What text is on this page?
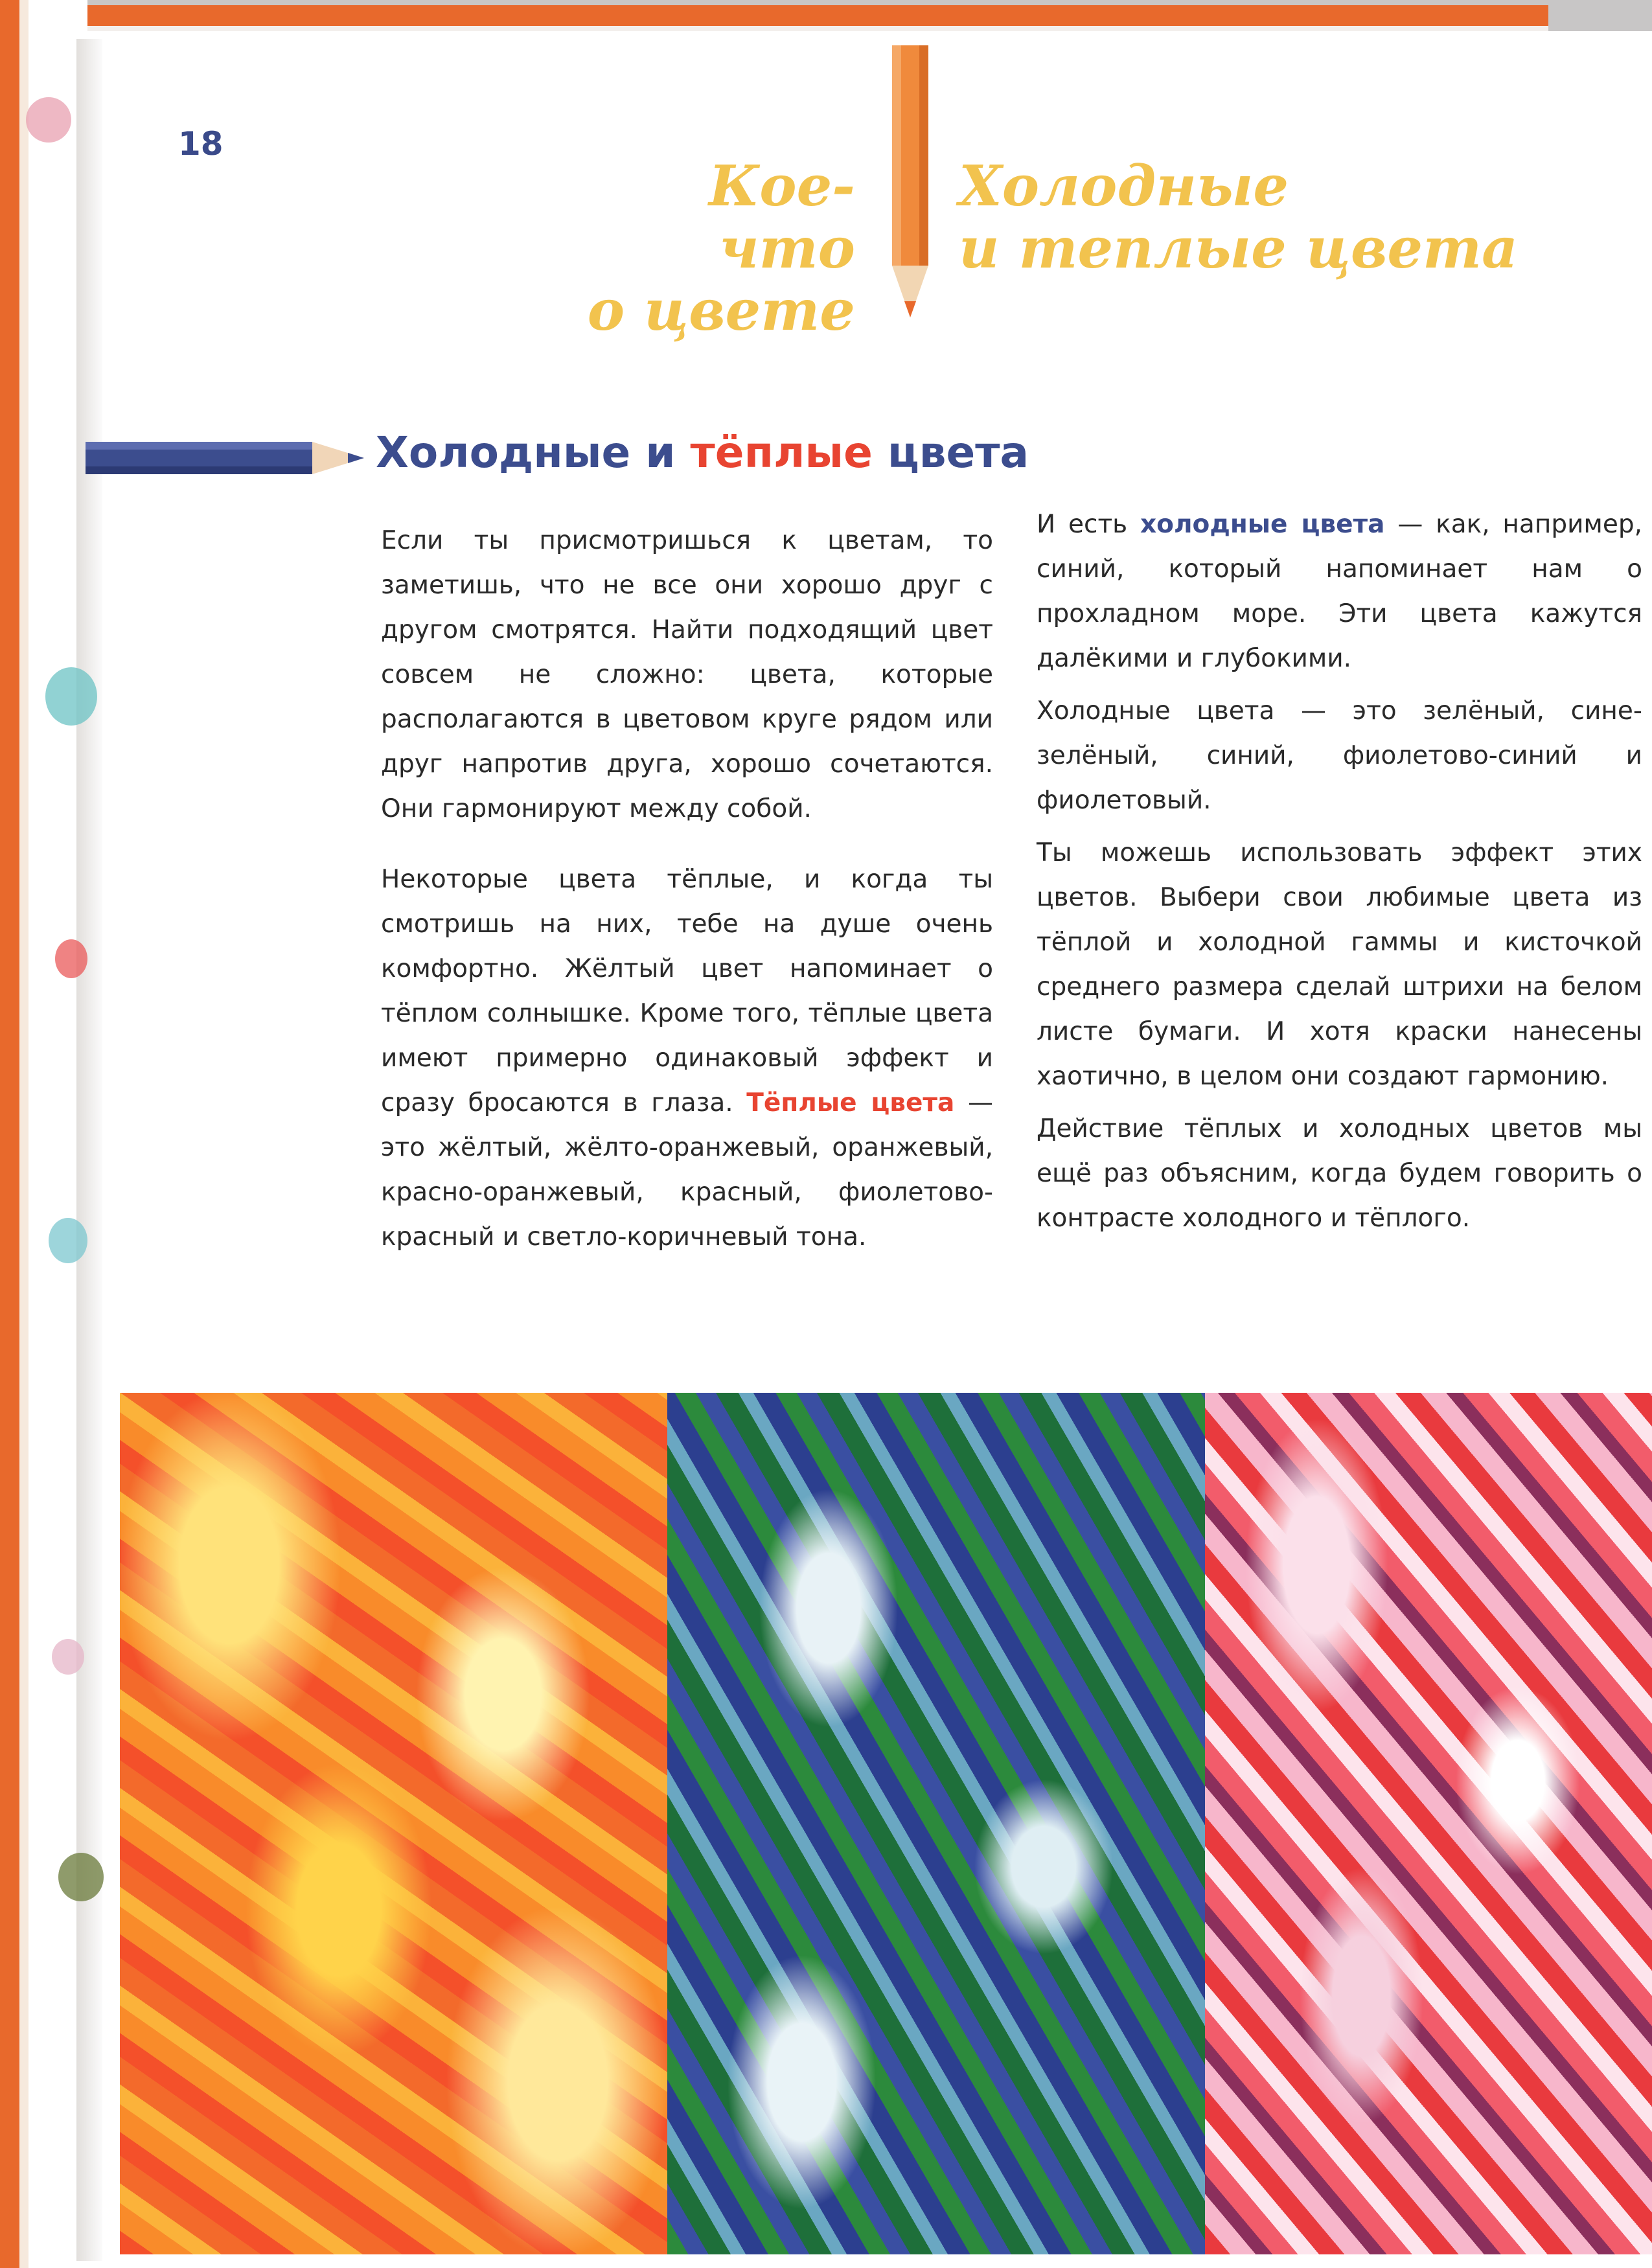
18
Кое-что
о цвете
Холодные
и теплые цвета
Холодные и тёплые цвета

Если ты присмотришься к цветам, то заметишь, что не все они хорошо друг с другом смотрятся. Найти подходящий цвет совсем не сложно: цвета, которые располагаются в цветовом круге рядом или друг напротив друга, хорошо сочетаются. Они гармонируют между собой.

Некоторые цвета тёплые, и когда ты смотришь на них, тебе на душе очень комфортно. Жёлтый цвет напоминает о тёплом солнышке. Кроме того, тёплые цвета имеют примерно одинаковый эффект и сразу бросаются в глаза. Тёплые цвета — это жёлтый, жёлто-оранжевый, оранжевый, красно-оранжевый, красный, фиолетово-красный и светло-коричневый тона.

И есть холодные цвета — как, например, синий, который напоминает нам о прохладном море. Эти цвета кажутся далёкими и глубокими.

Холодные цвета — это зелёный, сине-зелёный, синий, фиолетово-синий и фиолетовый.

Ты можешь использовать эффект этих цветов. Выбери свои любимые цвета из тёплой и холодной гаммы и кисточкой среднего размера сделай штрихи на белом листе бумаги. И хотя краски нанесены хаотично, в целом они создают гармонию.

Действие тёплых и холодных цветов мы ещё раз объясним, когда будем говорить о контрасте холодного и тёплого.
